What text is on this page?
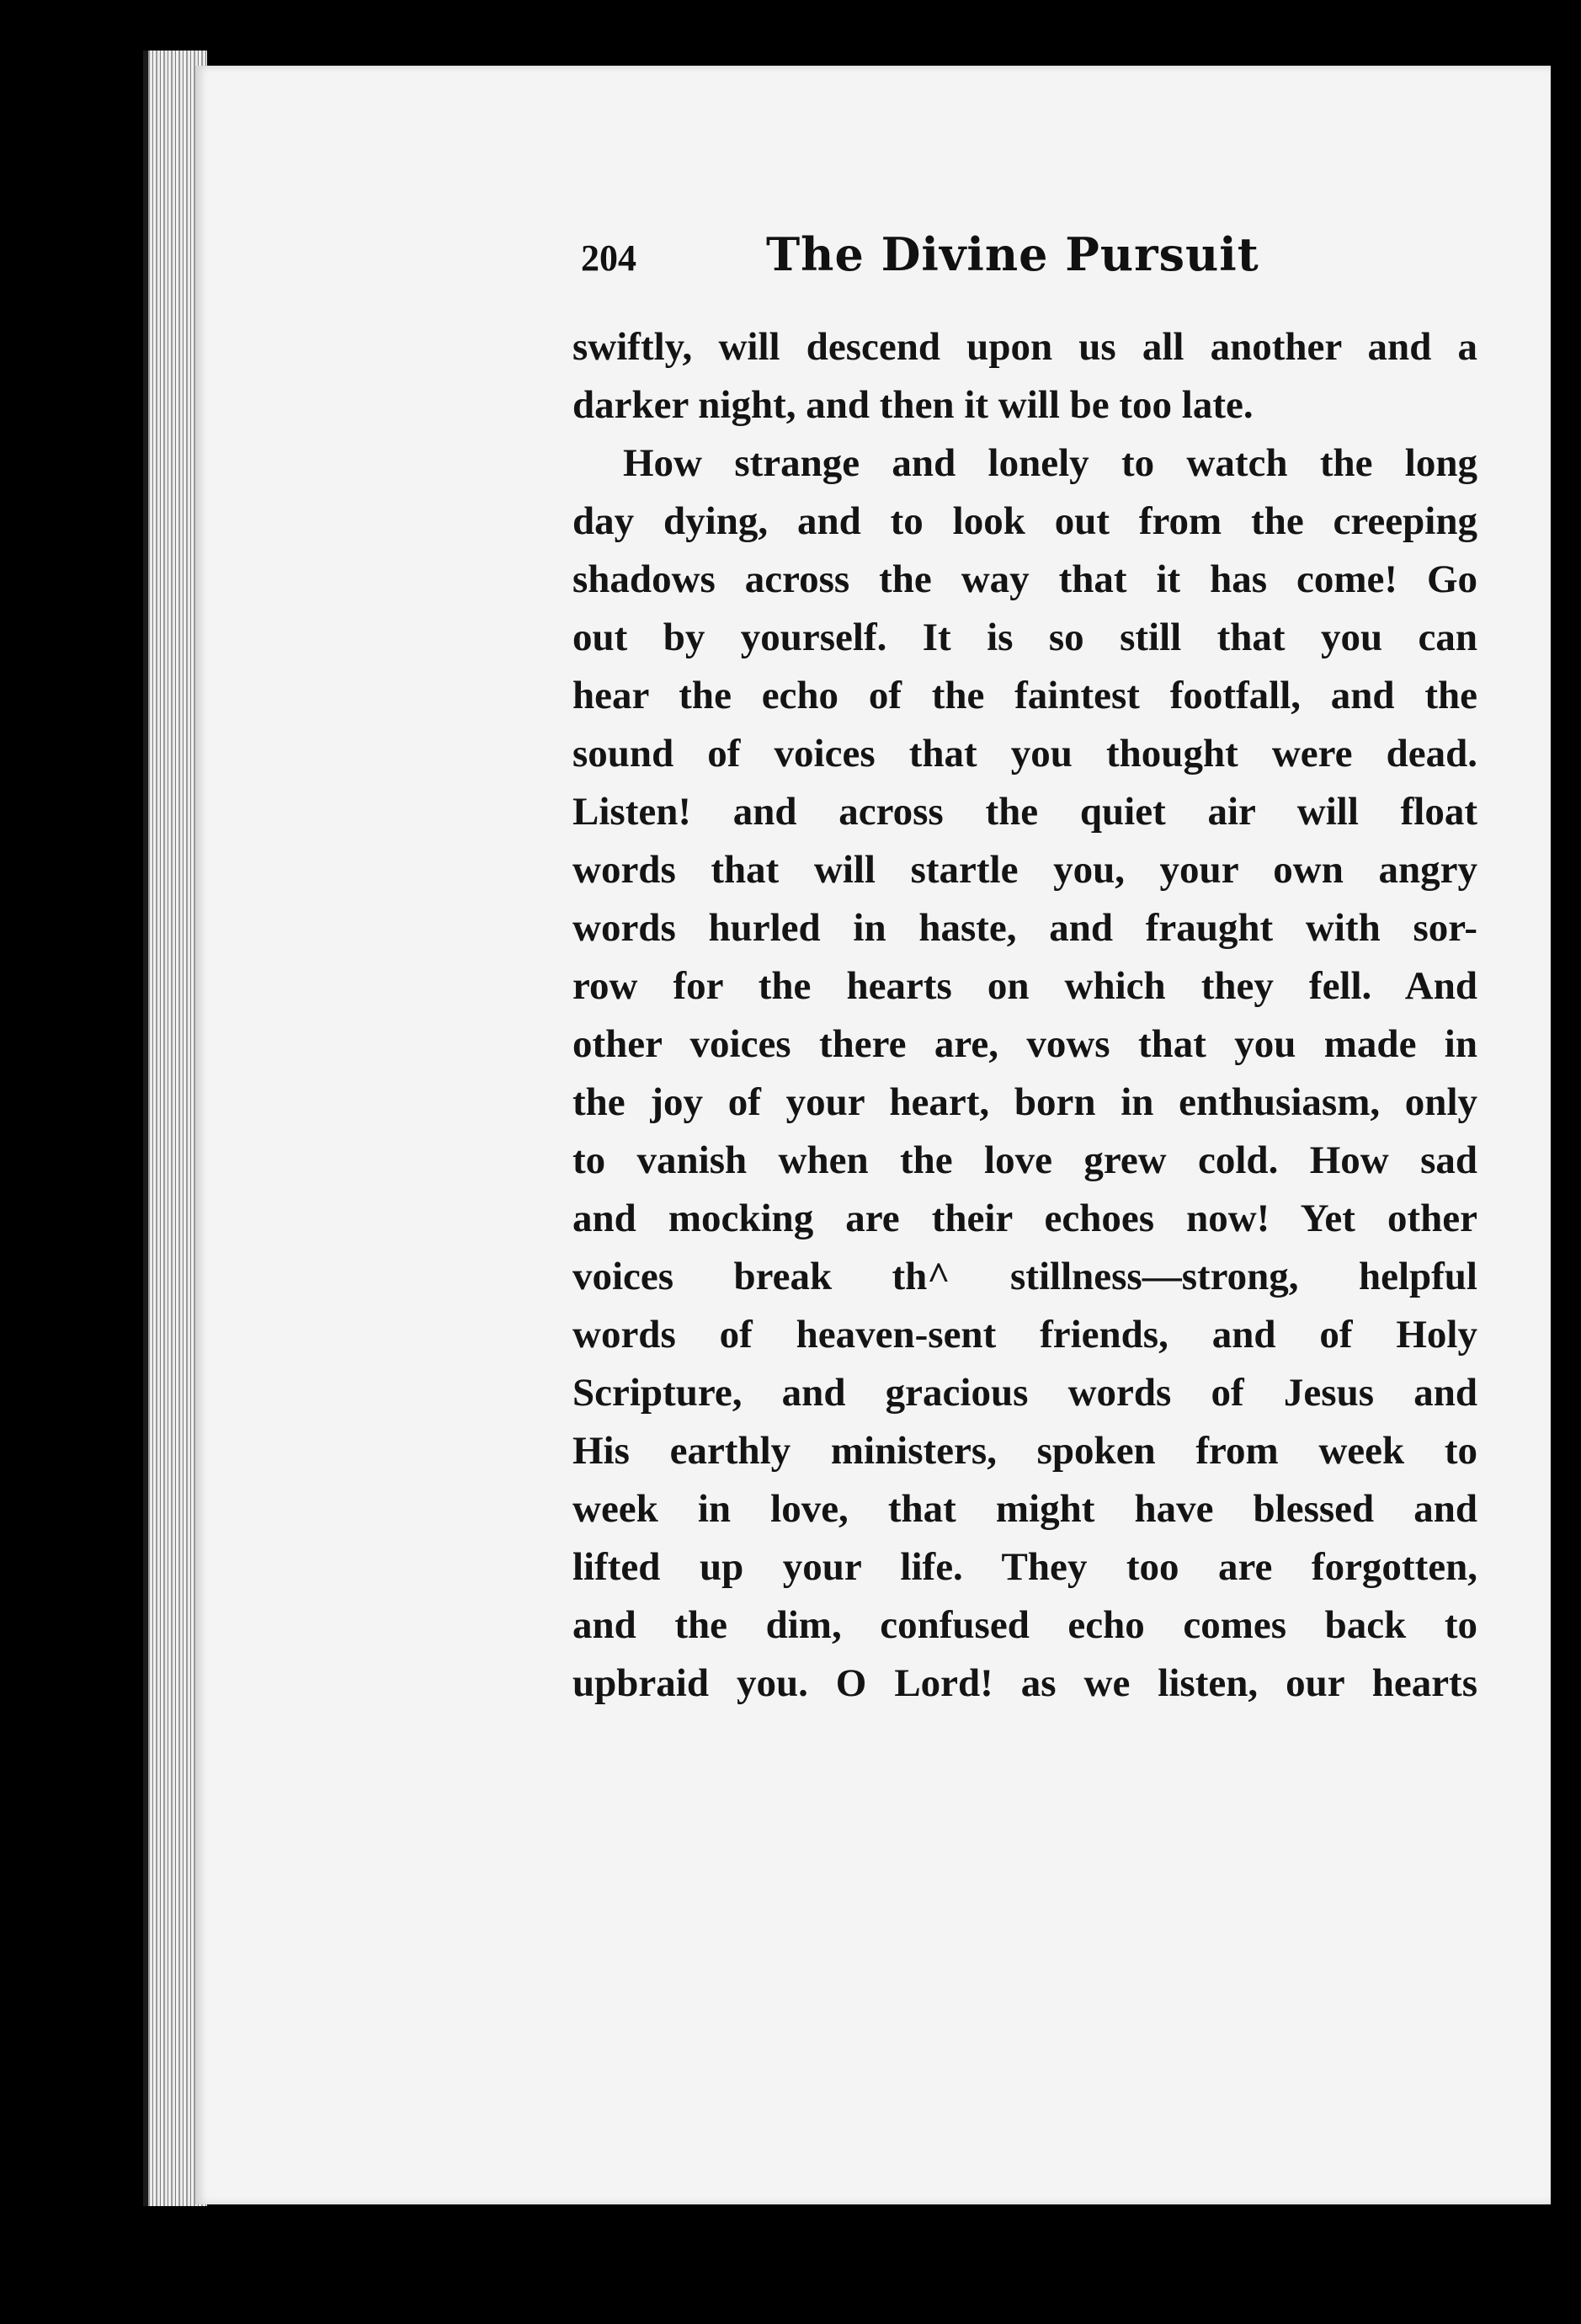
204	The Divine Pursuit
swiftly, will descend upon us all another and a
darker night, and then it will be too late.
How strange and lonely to watch the long
day dying, and to look out from the creeping
shadows across the way that it has come! Go
out by yourself. It is so still that you can
hear the echo of the faintest footfall, and the
sound of voices that you thought were dead.
Listen! and across the quiet air will float
words that will startle you, your own angry
words hurled in haste, and fraught with sor-
row for the hearts on which they fell. And
other voices there are, vows that you made in
the joy of your heart, born in enthusiasm, only
to vanish when the love grew cold. How sad
and mocking are their echoes now! Yet other
voices break th^ stillness—strong, helpful
words of heaven-sent friends, and of Holy
Scripture, and gracious words of Jesus and
His earthly ministers, spoken from week to
week in love, that might have blessed and
lifted up your life. They too are forgotten,
and the dim, confused echo comes back to
upbraid you. O Lord! as we listen, our hearts
